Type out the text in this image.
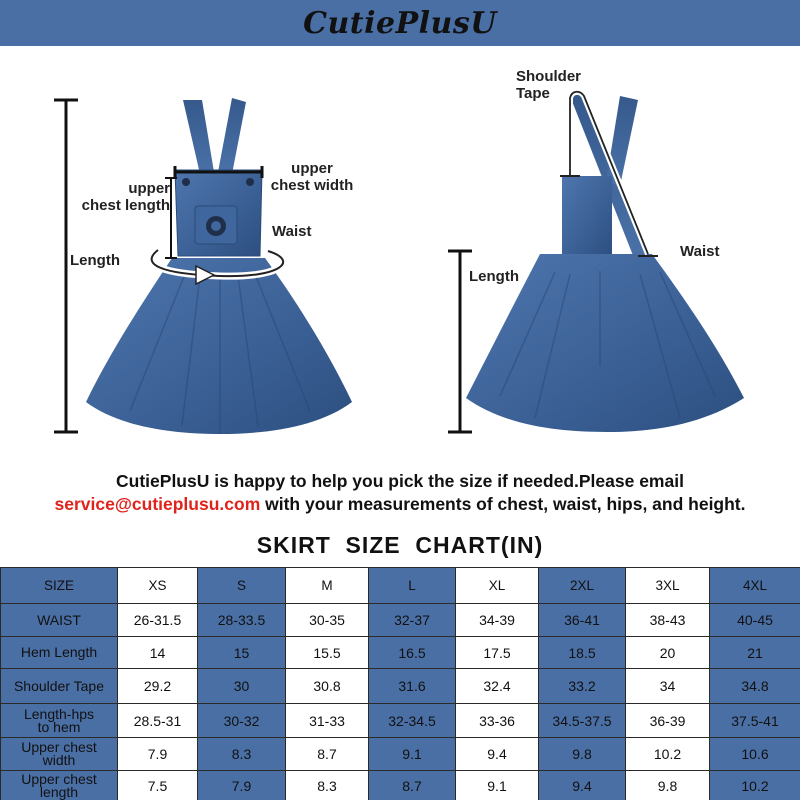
CutiePlusU
upper
chest length
upper
chest width
Waist
Length
Shoulder
Tape
Waist
Length
CutiePlusU is happy to help you pick the size if needed.Please email
service@cutieplusu.com with your measurements of chest, waist, hips, and height.
SKIRT  SIZE  CHART(IN)
SIZE	XS	S	M	L	XL	2XL	3XL	4XL
WAIST	26-31.5	28-33.5	30-35	32-37	34-39	36-41	38-43	40-45
Hem Length	14	15	15.5	16.5	17.5	18.5	20	21
Shoulder Tape	29.2	30	30.8	31.6	32.4	33.2	34	34.8
Length-hps
to hem	28.5-31	30-32	31-33	32-34.5	33-36	34.5-37.5	36-39	37.5-41
Upper chest
width	7.9	8.3	8.7	9.1	9.4	9.8	10.2	10.6
Upper chest
length	7.5	7.9	8.3	8.7	9.1	9.4	9.8	10.2
